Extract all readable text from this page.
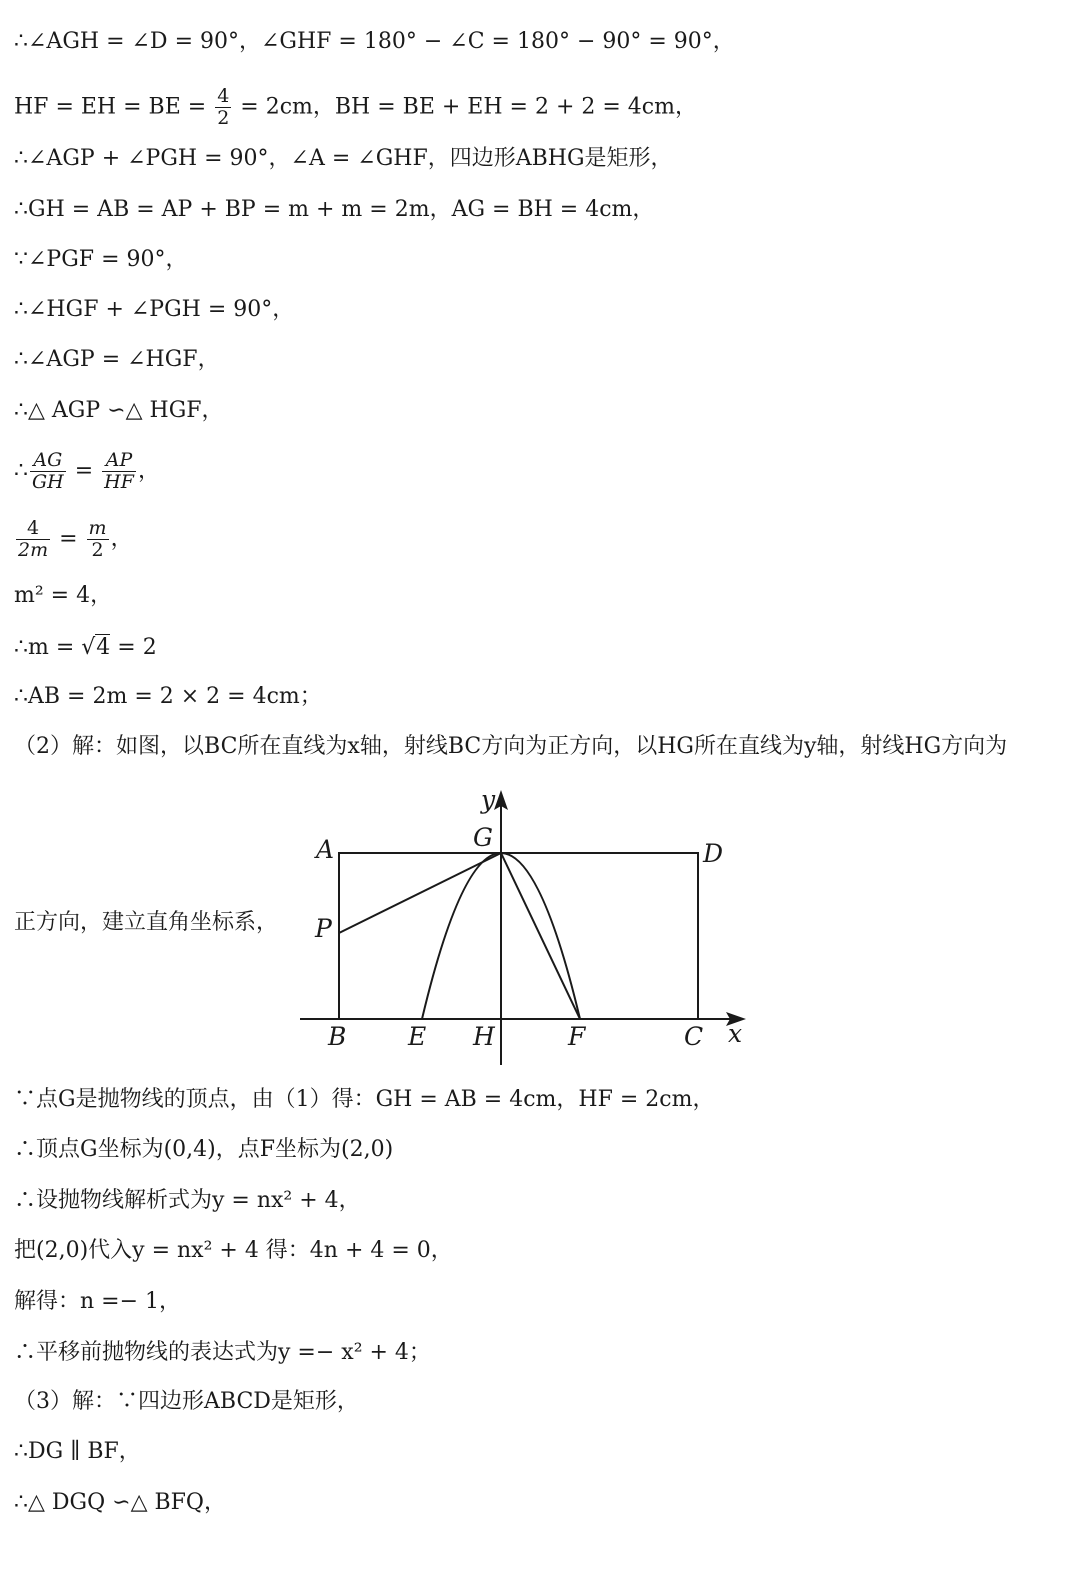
∴∠AGH = ∠D = 90°，∠GHF = 180° − ∠C = 180° − 90° = 90°，
HF = EH = BE = $\frac{4}{2} = 2cm$，BH = BE + EH = 2 + 2 = 4cm，
∴∠AGP + ∠PGH = 90°，∠A = ∠GHF，四边形ABHG是矩形，
∴GH = AB = AP + BP = m + m = 2m，AG = BH = 4cm，
∵∠PGF = 90°，
∴∠HGF + ∠PGH = 90°，
∴∠AGP = ∠HGF，
∴△ AGP ∽△ HGF，
∴ $\frac{AG}{GH} = \frac{AP}{HF}$ ，
$\frac{4}{2m} = \frac{m}{2}$ ，
m² = 4，
∴m = √4 = 2
∴AB = 2m = 2 × 2 = 4cm；
（2）解：如图，以BC所在直线为x轴，射线BC方向为正方向，以HG所在直线为y轴，射线HG方向为
正方向，建立直角坐标系，
y
x
A	G
D
P
B E H	F	C
∵点G是抛物线的顶点，由（1）得：GH = AB = 4cm，HF = 2cm，
∴顶点G坐标为(0,4)，点F坐标为(2,0)
∴设抛物线解析式为y = nx² + 4，
把(2,0)代入y = nx² + 4 得：4n + 4 = 0，
解得：n =− 1，
∴平移前抛物线的表达式为y =− x² + 4；
（3）解：∵四边形ABCD是矩形，
∴DG ∥ BF，
∴△ DGQ ∽△ BFQ，
